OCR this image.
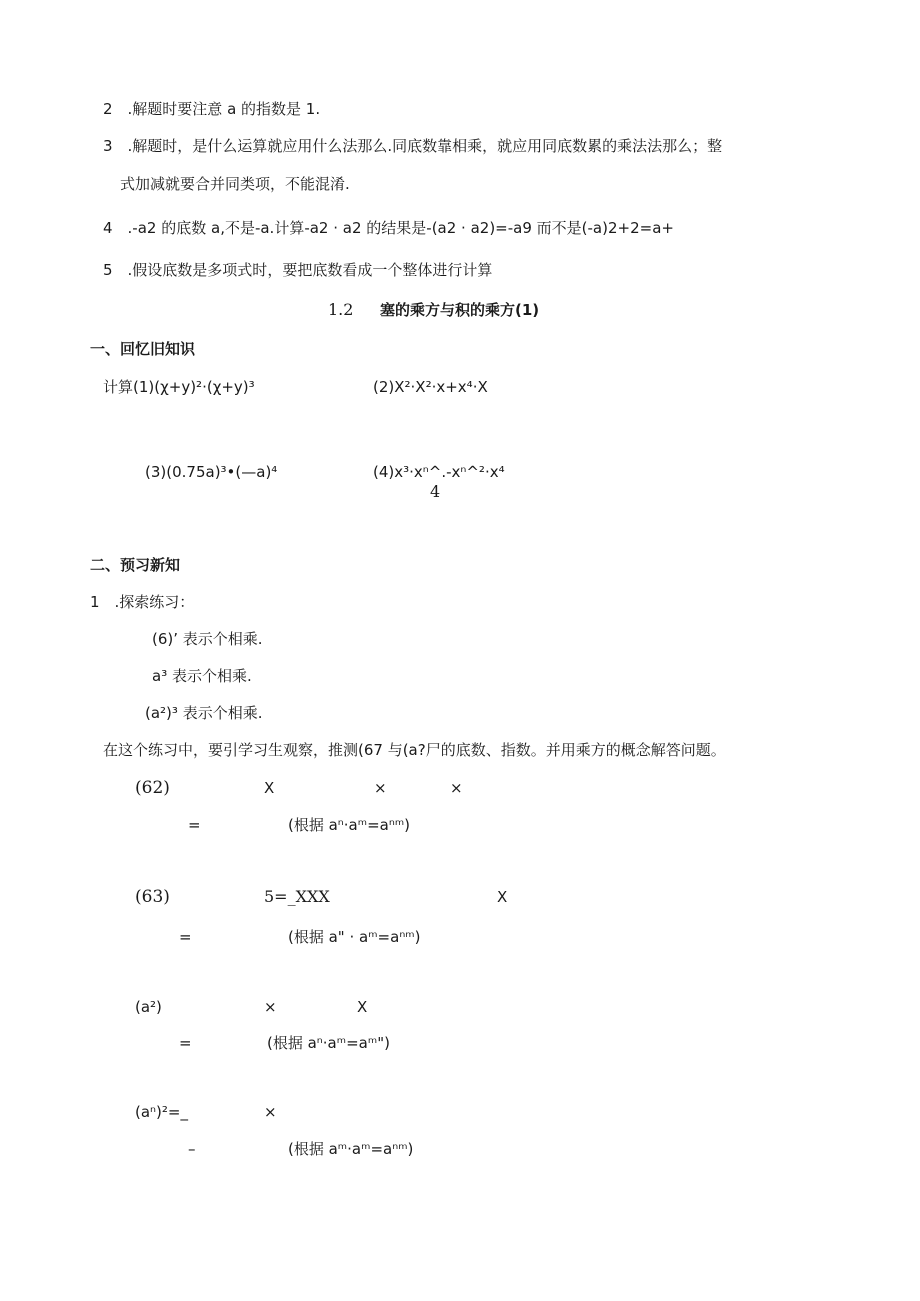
2　.解题时要注意 a 的指数是 1.
3　.解题时，是什么运算就应用什么法那么.同底数靠相乘，就应用同底数累的乘法法那么；整
式加减就要合并同类项，不能混淆.
4　.-a2 的底数 a,不是-a.计算-a2 · a2 的结果是-(a2 · a2)=-a9 而不是(-a)2+2=a+
5　.假设底数是多项式时，要把底数看成一个整体进行计算
1.2 塞的乘方与积的乘方(1)
一、回忆旧知识
计算(1)(χ+y)²·(χ+y)³	(2)X²·X²·x+x⁴·X
(3)(0.75a)³•(—a)⁴	(4)x³·xⁿ^.-xⁿ^²·x⁴
4
二、预习新知
1　.探索练习：
(6)’ 表示个相乘.
a³ 表示个相乘.
(a²)³ 表示个相乘.
在这个练习中，要引学习生观察，推测(67 与(a?尸的底数、指数。并用乘方的概念解答问题。
(62)	X	×	×
=	(根据 aⁿ·aᵐ=aⁿᵐ)
(63)	5=_XXX	X
=	(根据 a" · aᵐ=aⁿᵐ)
(a²)	×	X
=	(根据 aⁿ·aᵐ=aᵐ")
(aⁿ)²=_	×
–	(根据 aᵐ·aᵐ=aⁿᵐ)
